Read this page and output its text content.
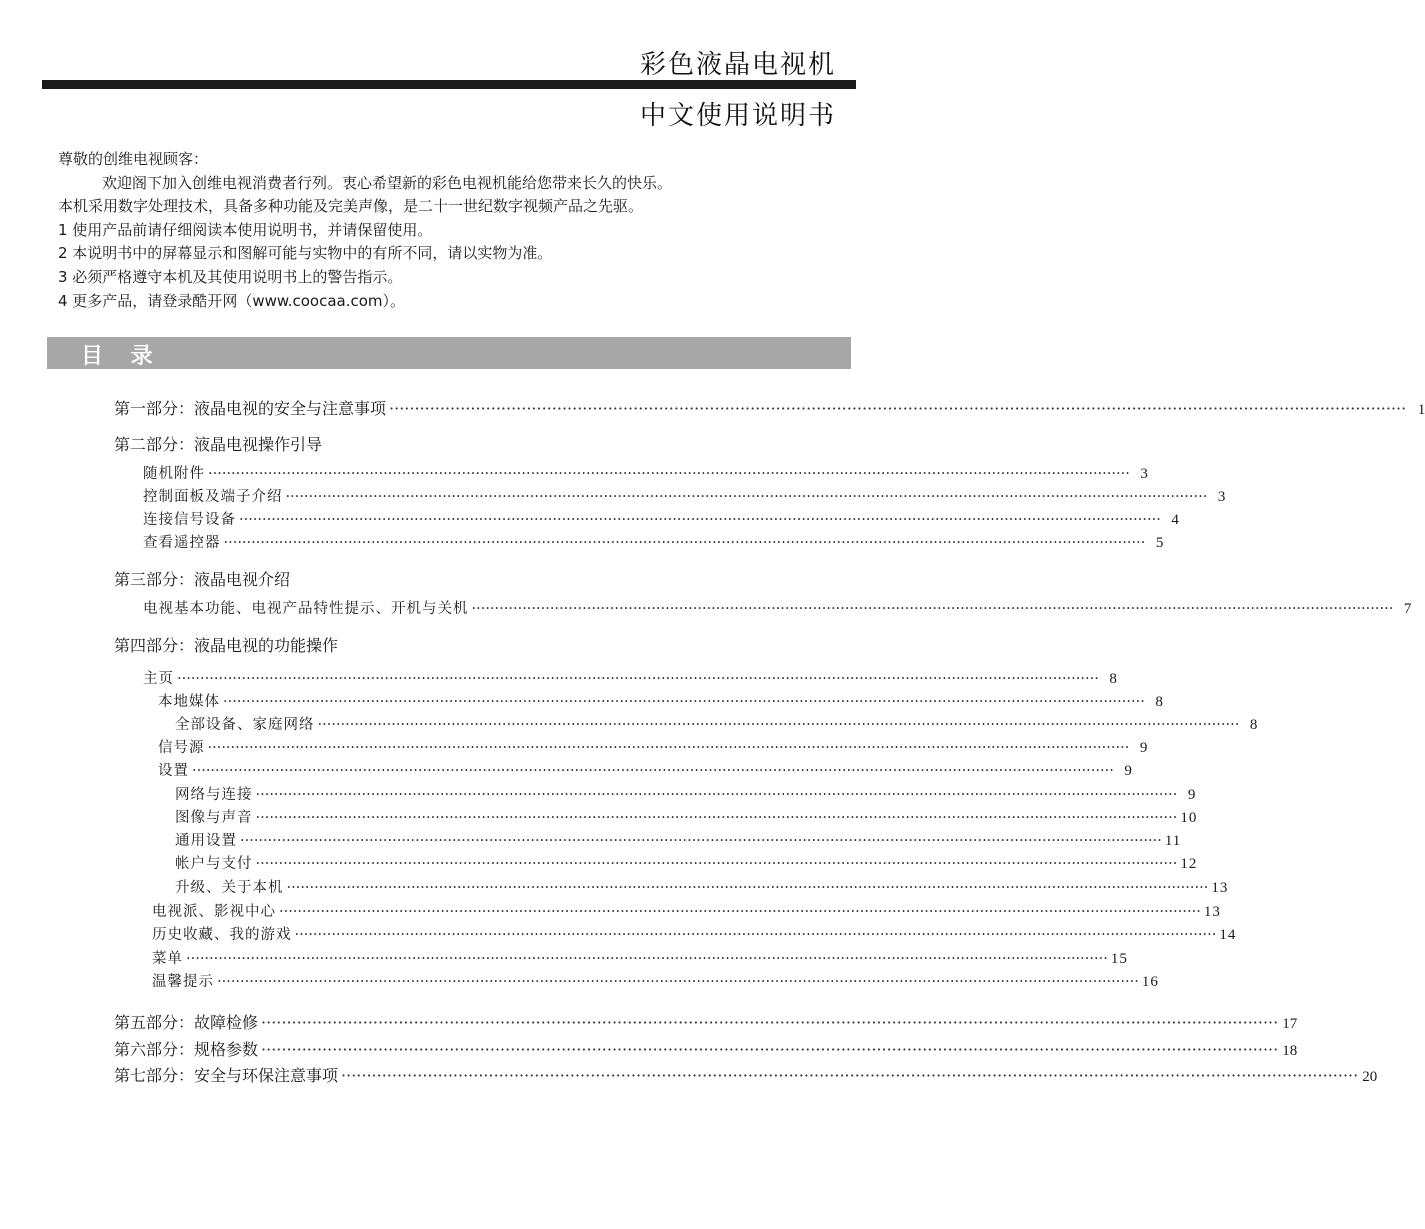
彩色液晶电视机
中文使用说明书
尊敬的创维电视顾客：
欢迎阁下加入创维电视消费者行列。衷心希望新的彩色电视机能给您带来长久的快乐。
本机采用数字处理技术，具备多种功能及完美声像，是二十一世纪数字视频产品之先驱。
1 使用产品前请仔细阅读本使用说明书，并请保留使用。
2 本说明书中的屏幕显示和图解可能与实物中的有所不同，请以实物为准。
3 必须严格遵守本机及其使用说明书上的警告指示。
4 更多产品，请登录酷开网（www.coocaa.com）。
目 录
第一部分：液晶电视的安全与注意事项 ········································································································································································································ 1
第二部分：液晶电视操作引导
随机附件 ········································································································································································································ 3
控制面板及端子介绍 ········································································································································································································ 3
连接信号设备 ········································································································································································································ 4
查看遥控器 ········································································································································································································ 5
第三部分：液晶电视介绍
电视基本功能、电视产品特性提示、开机与关机 ········································································································································································································ 7
第四部分：液晶电视的功能操作
主页 ········································································································································································································ 8
本地媒体 ········································································································································································································ 8
全部设备、家庭网络 ········································································································································································································ 8
信号源 ········································································································································································································ 9
设置 ········································································································································································································ 9
网络与连接 ········································································································································································································ 9
图像与声音 ········································································································································································································ 10
通用设置 ········································································································································································································ 11
帐户与支付 ········································································································································································································ 12
升级、关于本机 ········································································································································································································ 13
电视派、影视中心 ········································································································································································································ 13
历史收藏、我的游戏 ········································································································································································································ 14
菜单 ········································································································································································································ 15
温馨提示 ········································································································································································································ 16
第五部分：故障检修 ········································································································································································································ 17
第六部分：规格参数 ········································································································································································································ 18
第七部分：安全与环保注意事项 ········································································································································································································ 20
